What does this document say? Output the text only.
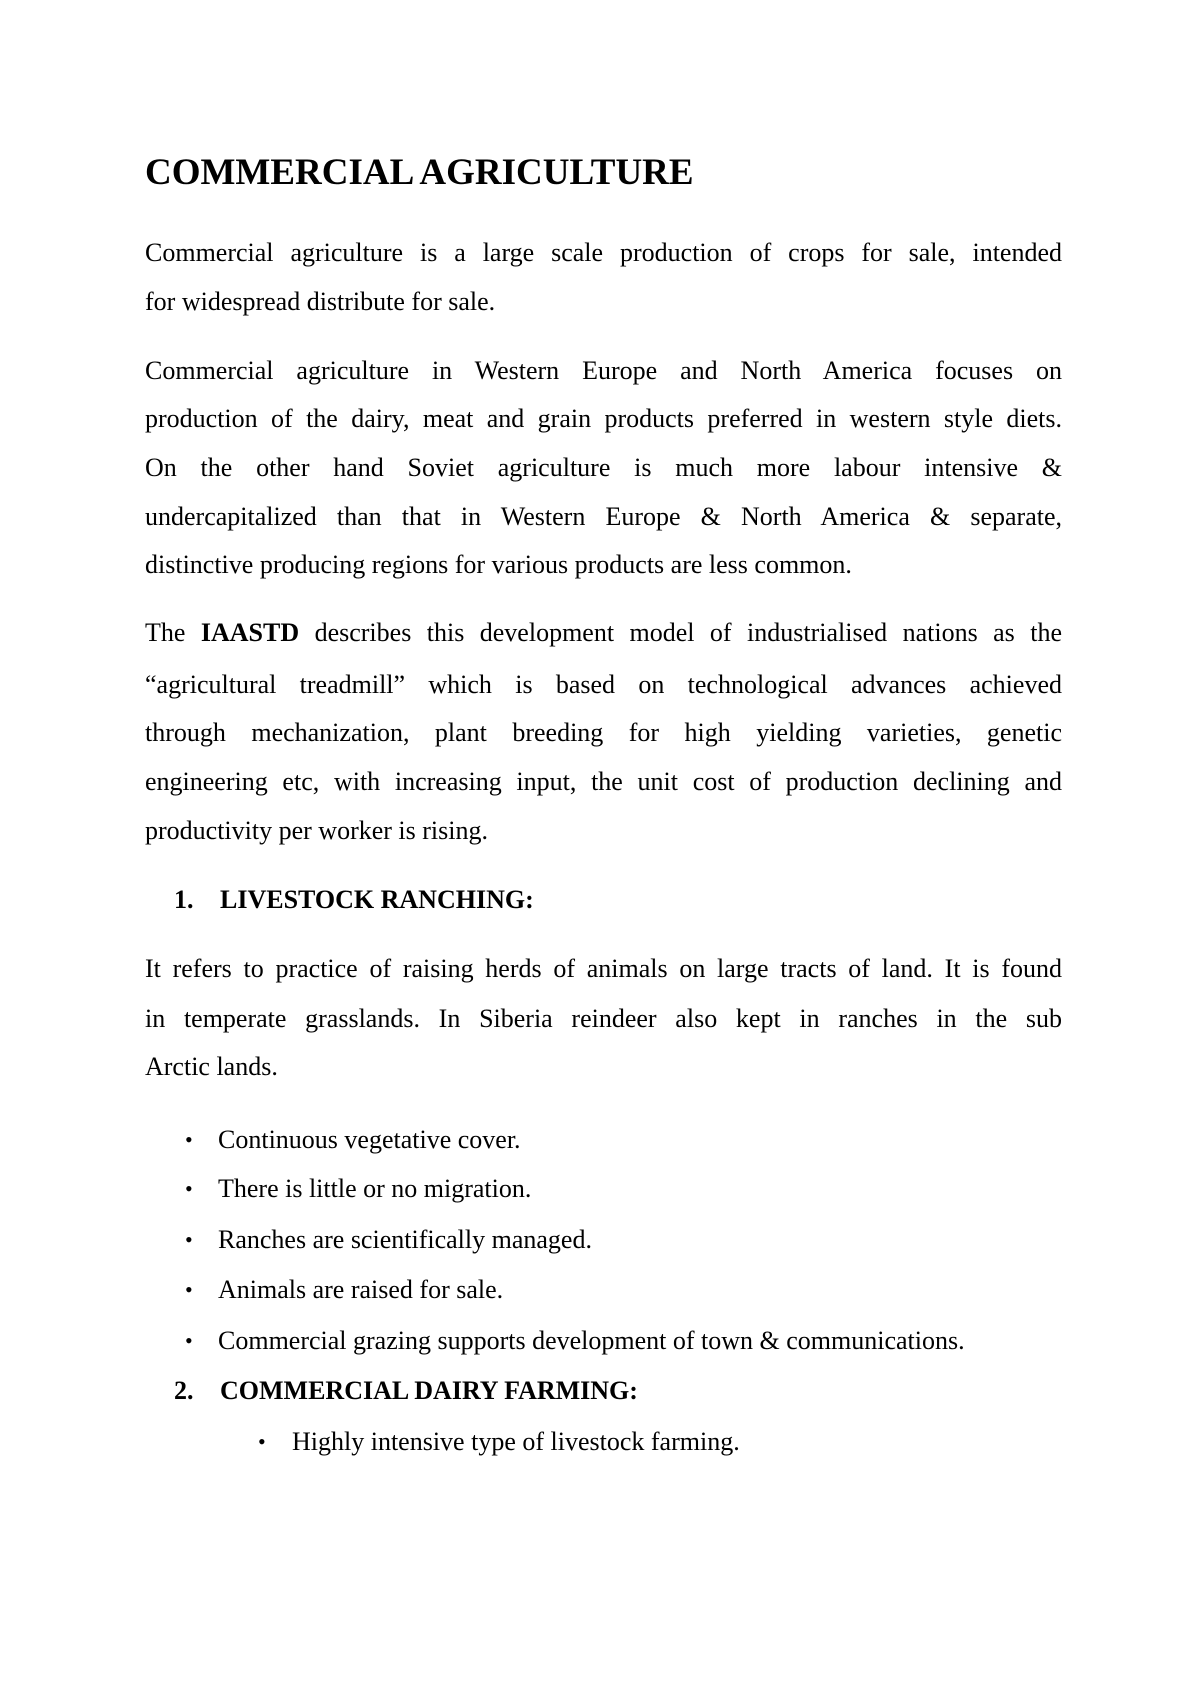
COMMERCIAL AGRICULTURE
Commercial agriculture is a large scale production of crops for sale, intended
for widespread distribute for sale.
Commercial agriculture in Western Europe and North America focuses on
production of the dairy, meat and grain products preferred in western style diets.
On the other hand Soviet agriculture is much more labour intensive &
undercapitalized than that in Western Europe & North America & separate,
distinctive producing regions for various products are less common.
The IAASTD describes this development model of industrialised nations as the
“agricultural treadmill” which is based on technological advances achieved
through mechanization, plant breeding for high yielding varieties, genetic
engineering etc, with increasing input, the unit cost of production declining and
productivity per worker is rising.
1.	LIVESTOCK RANCHING:
It refers to practice of raising herds of animals on large tracts of land. It is found
in temperate grasslands. In Siberia reindeer also kept in ranches in the sub
Arctic lands.
• Continuous vegetative cover.
• There is little or no migration.
• Ranches are scientifically managed.
• Animals are raised for sale.
• Commercial grazing supports development of town & communications.
2.	COMMERCIAL DAIRY FARMING:
• Highly intensive type of livestock farming.
